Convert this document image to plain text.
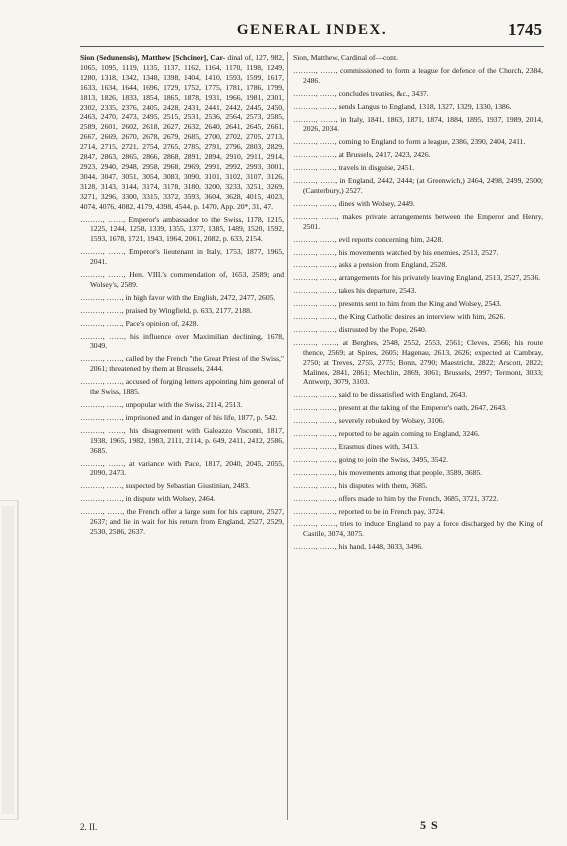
GENERAL INDEX.	1745
Sion (Sedunensis), Matthew [Schciner], Car- dinal of, 127, 982, 1065, 1095, 1119, 1135, 1137, 1162, 1164, 1170, 1198, 1249, 1280, 1318, 1342, 1348, 1398, 1404, 1410, 1593, 1599, 1617, 1633, 1634, 1644, 1696, 1729, 1752, 1775, 1781, 1786, 1799, 1813, 1826, 1833, 1854, 1865, 1878, 1931, 1966, 1981, 2301, 2302, 2335, 2376, 2405, 2428, 2431, 2441, 2442, 2445, 2450, 2463, 2470, 2473, 2495, 2515, 2531, 2536, 2564, 2573, 2585, 2589, 2601, 2602, 2618, 2627, 2632, 2640, 2641, 2645, 2661, 2667, 2669, 2670, 2678, 2679, 2685, 2700, 2702, 2705, 2713, 2714, 2715, 2721, 2754, 2765, 2785, 2791, 2796, 2803, 2829, 2847, 2863, 2865, 2866, 2868, 2891, 2894, 2910, 2911, 2914, 2923, 2940, 2948, 2958, 2968, 2969, 2991, 2992, 2993, 3001, 3044, 3047, 3051, 3054, 3083, 3090, 3101, 3102, 3107, 3126, 3128, 3143, 3144, 3174, 3178, 3180, 3200, 3233, 3251, 3269, 3271, 3296, 3300, 3315, 3372, 3593, 3604, 3628, 4015, 4023, 4074, 4076, 4082, 4179, 4398, 4544, p. 1470, App. 20*, 31, 47.
………, ……, Emperor's ambassador to the Swiss, 1178, 1215, 1225, 1244, 1258, 1339, 1355, 1377, 1385, 1489, 1520, 1592, 1593, 1678, 1721, 1943, 1964, 2061, 2082, p. 633, 2154.
………, ……, Emperor's lieutenant in Italy, 1753, 1877, 1965, 2041.
………, ……, Hen. VIII.'s commendation of, 1653, 2589; and Wolsey's, 2589.
………, ……, in high favor with the English, 2472, 2477, 2605.
………, ……, praised by Wingfield, p. 633, 2177, 2188.
………, ……, Pace's opinion of, 2428.
………, ……, his influence over Maximilian declining, 1678, 3049.
………, ……, called by the French "the Great Priest of the Swiss," 2061; threatened by them at Brussels, 2444.
………, ……, accused of forging letters appointing him general of the Swiss, 1885.
………, ……, unpopular with the Swiss, 2114, 2513.
………, ……, imprisoned and in danger of his life, 1877, p. 542.
………, ……, his disagreement with Galeazzo Visconti, 1817, 1938, 1965, 1982, 1983, 2111, 2114, p. 649, 2411, 2412, 2586, 3685.
………, ……, at variance with Pace, 1817, 2040, 2045, 2055, 2090, 2473.
………, ……, suspected by Sebastian Giustinian, 2483.
………, ……, in dispute with Wolsey, 2464.
………, ……, the French offer a large sum for his capture, 2527, 2637; and lie in wait for his return from England, 2527, 2529, 2530, 2586, 2637.
Sion, Matthew, Cardinal of—cont.
………, ……, commissioned to form a league for defence of the Church, 2384, 2486.
………, ……, concludes treaties, &c., 3437.
………, ……, sends Langus to England, 1318, 1327, 1329, 1330, 1386.
………, ……, in Italy, 1841, 1863, 1871, 1874, 1884, 1895, 1937, 1989, 2014, 2026, 2034.
………, ……, coming to England to form a league, 2386, 2390, 2404, 2411.
………, ……, at Brussels, 2417, 2423, 2426.
………, ……, travels in disguise, 2451.
………, ……, in England, 2442, 2444; (at Greenwich,) 2464, 2498, 2499, 2500; (Canterbury,) 2527.
………, ……, dines with Wolsey, 2449.
………, ……, makes private arrangements between the Emperor and Henry, 2501.
………, ……, evil reports concerning him, 2428.
………, ……, his movements watched by his enemies, 2513, 2527.
………, ……, asks a pension from England, 2528.
………, ……, arrangements for his privately leaving England, 2513, 2527, 2536.
………, ……, takes his departure, 2543.
………, ……, presents sent to him from the King and Wolsey, 2543.
………, ……, the King Catholic desires an interview with him, 2626.
………, ……, distrusted by the Pope, 2640.
………, ……, at Berghes, 2548, 2552, 2553, 2561; Cleves, 2566; his route thence, 2569; at Spires, 2605; Hagenau, 2613, 2626; expected at Cambray, 2750; at Treves, 2755, 2775; Bonn, 2790; Maestricht, 2822; Arscott, 2822; Malines, 2841, 2861; Mechlin, 2869, 3061; Brussels, 2997; Termont, 3033; Antwerp, 3079, 3103.
………, ……, said to be dissatisfied with England, 2643.
………, ……, present at the taking of the Emperor's oath, 2647, 2643.
………, ……, severely rebuked by Wolsey, 3106.
………, ……, reported to be again coming to England, 3246.
………, ……, Erasmus dines with, 3413.
………, ……, going to join the Swiss, 3495, 3542.
………, ……, his movements among that people, 3589, 3685.
………, ……, his disputes with them, 3685.
………, ……, offers made to him by the French, 3685, 3721, 3722.
………, ……, reported to be in French pay, 3724.
………, ……, tries to induce England to pay a force discharged by the King of Castile, 3074, 3075.
………, ……, his hand, 1448, 3033, 3496.
2. II.	5 S
